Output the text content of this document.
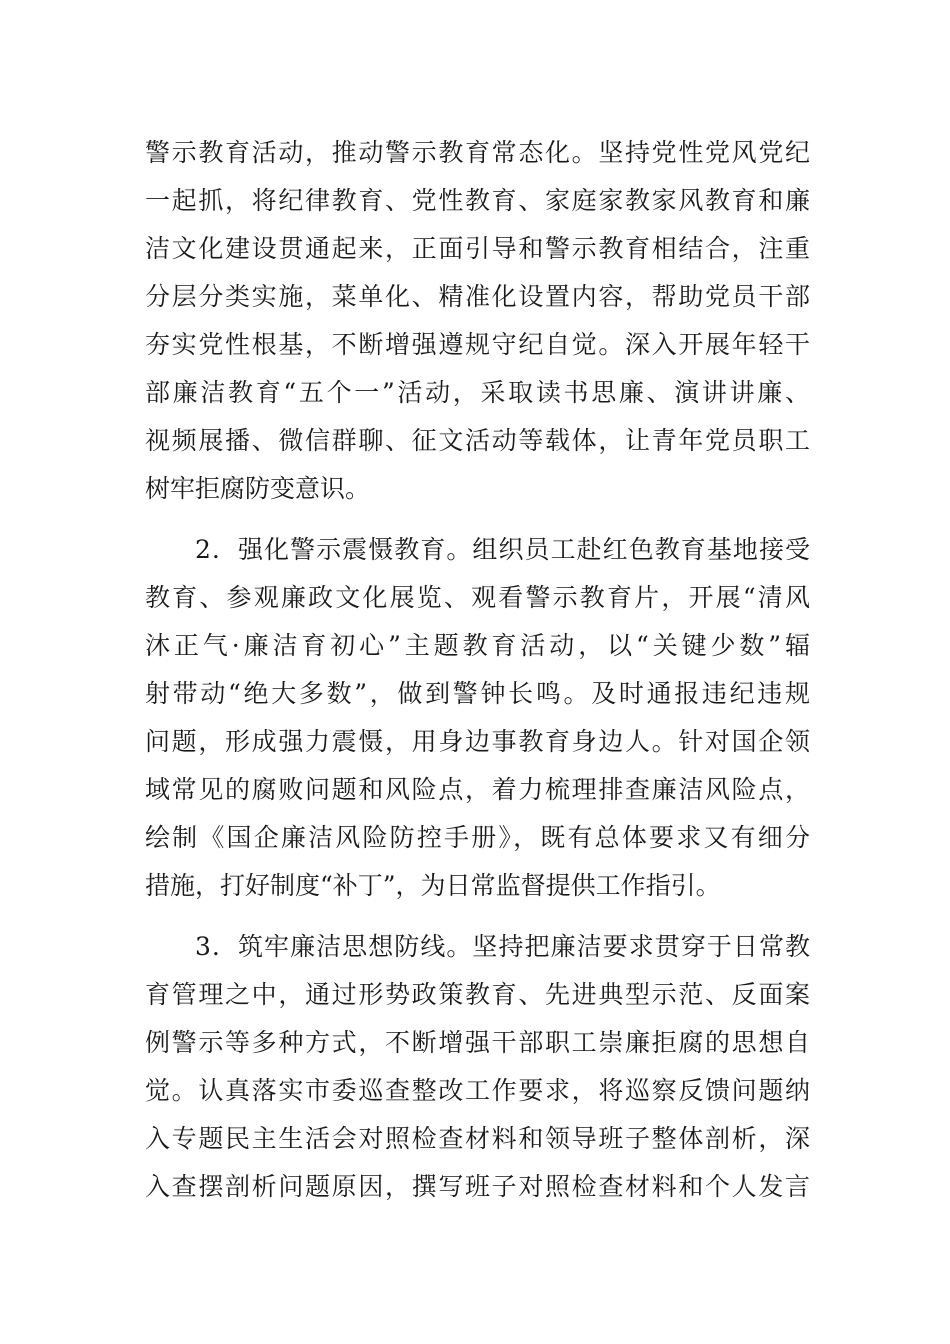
警示教育活动，推动警示教育常态化。坚持党性党风党纪
一起抓，将纪律教育、党性教育、家庭家教家风教育和廉
洁文化建设贯通起来，正面引导和警示教育相结合，注重
分层分类实施，菜单化、精准化设置内容，帮助党员干部
夯实党性根基，不断增强遵规守纪自觉。深入开展年轻干
部廉洁教育“五个一”活动，采取读书思廉、演讲讲廉、
视频展播、微信群聊、征文活动等载体，让青年党员职工
树牢拒腐防变意识。
2．强化警示震慑教育。组织员工赴红色教育基地接受
教育、参观廉政文化展览、观看警示教育片，开展“清风
沐正气·廉洁育初心”主题教育活动，以“关键少数”辐
射带动“绝大多数”，做到警钟长鸣。及时通报违纪违规
问题，形成强力震慑，用身边事教育身边人。针对国企领
域常见的腐败问题和风险点，着力梳理排查廉洁风险点，
绘制《国企廉洁风险防控手册》，既有总体要求又有细分
措施，打好制度“补丁”，为日常监督提供工作指引。
3．筑牢廉洁思想防线。坚持把廉洁要求贯穿于日常教
育管理之中，通过形势政策教育、先进典型示范、反面案
例警示等多种方式，不断增强干部职工崇廉拒腐的思想自
觉。认真落实市委巡查整改工作要求，将巡察反馈问题纳
入专题民主生活会对照检查材料和领导班子整体剖析，深
入查摆剖析问题原因，撰写班子对照检查材料和个人发言
